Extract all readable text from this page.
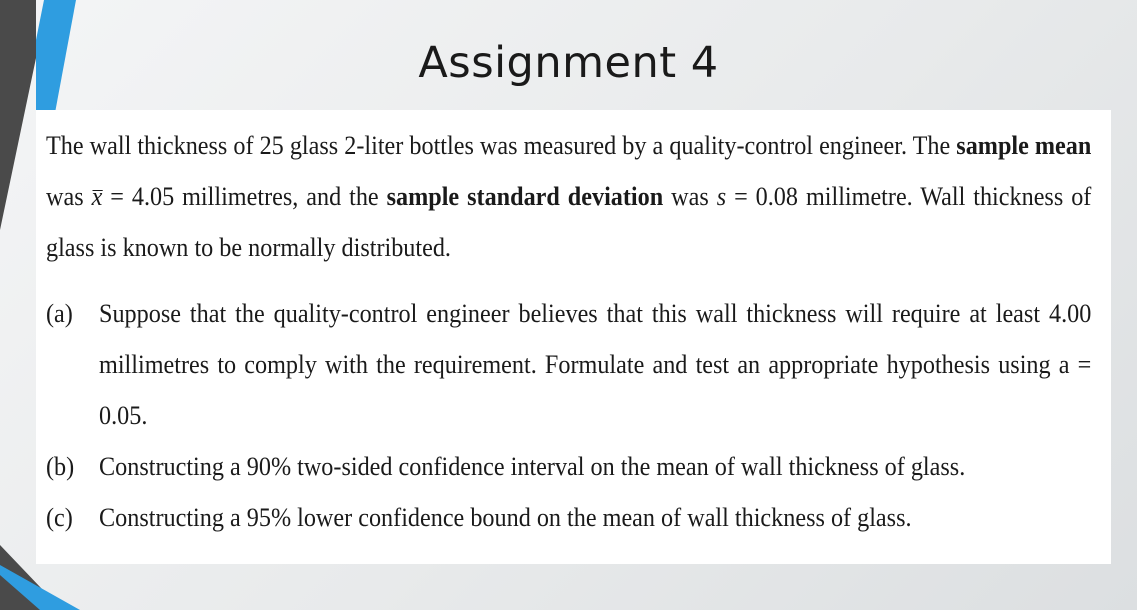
Assignment 4

The wall thickness of 25 glass 2-liter bottles was measured by a quality-control engineer. The sample mean was x = 4.05 millimetres, and the sample standard deviation was s = 0.08 millimetre. Wall thickness of glass is known to be normally distributed.

(a)	Suppose that the quality-control engineer believes that this wall thickness will require at least 4.00 millimetres to comply with the requirement. Formulate and test an appropriate hypothesis using a = 0.05.
(b) Constructing a 90% two-sided confidence interval on the mean of wall thickness of glass.
(c)	Constructing a 95% lower confidence bound on the mean of wall thickness of glass.
